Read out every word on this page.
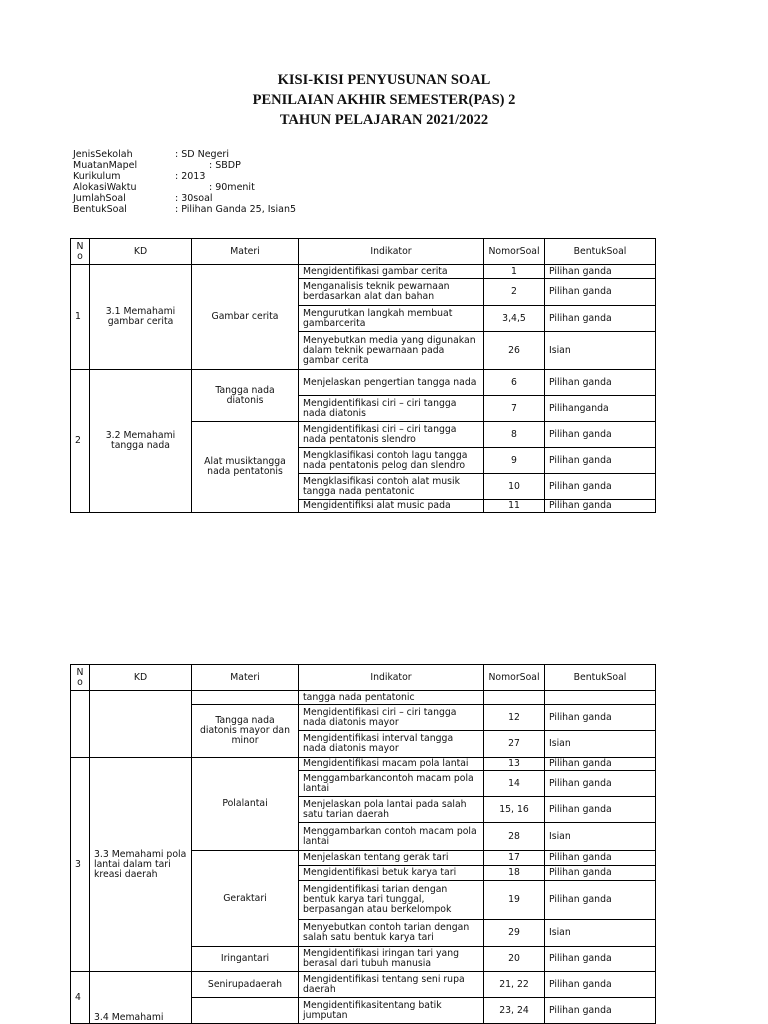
KISI-KISI PENYUSUNAN SOAL
PENILAIAN AKHIR SEMESTER(PAS) 2
TAHUN PELAJARAN 2021/2022
JenisSekolah	: SD Negeri
MuatanMapel	: SBDP
Kurikulum	: 2013
AlokasiWaktu	: 90menit
JumlahSoal	: 30soal
BentukSoal	: Pilihan Ganda 25, Isian5
N o	KD	Materi	Indikator	NomorSoal	BentukSoal
1	3.1 Memahami gambar cerita	Gambar cerita	Mengidentifikasi gambar cerita	1	Pilihan ganda
			Menganalisis teknik pewarnaan berdasarkan alat dan bahan	2	Pilihan ganda
			Mengurutkan langkah membuat gambarcerita	3,4,5	Pilihan ganda
			Menyebutkan media yang digunakan dalam teknik pewarnaan pada gambar cerita	26	Isian
2	3.2 Memahami tangga nada	Tangga nada diatonis	Menjelaskan pengertian tangga nada	6	Pilihan ganda
			Mengidentifikasi ciri – ciri tangga nada diatonis	7	Pilihanganda
		Alat musiktangga nada pentatonis	Mengidentifikasi ciri – ciri tangga nada pentatonis slendro	8	Pilihan ganda
			Mengklasifikasi contoh lagu tangga nada pentatonis pelog dan slendro	9	Pilihan ganda
			Mengklasifikasi contoh alat musik tangga nada pentatonic	10	Pilihan ganda
			Mengidentifiksi alat music pada	11	Pilihan ganda
N o	KD	Materi	Indikator	NomorSoal	BentukSoal
			tangga nada pentatonic		
		Tangga nada diatonis mayor dan minor	Mengidentifikasi ciri – ciri tangga nada diatonis mayor	12	Pilihan ganda
			Mengidentifikasi interval tangga nada diatonis mayor	27	Isian
3	3.3 Memahami pola lantai dalam tari kreasi daerah	Polalantai	Mengidentifikasi macam pola lantai	13	Pilihan ganda
			Menggambarkancontoh macam pola lantai	14	Pilihan ganda
			Menjelaskan pola lantai pada salah satu tarian daerah	15, 16	Pilihan ganda
			Menggambarkan contoh macam pola lantai	28	Isian
		Geraktari	Menjelaskan tentang gerak tari	17	Pilihan ganda
			Mengidentifikasi betuk karya tari	18	Pilihan ganda
			Mengidentifikasi tarian dengan bentuk karya tari tunggal, berpasangan atau berkelompok	19	Pilihan ganda
			Menyebutkan contoh tarian dengan salah satu bentuk karya tari	29	Isian
		Iringantari	Mengidentifikasi iringan tari yang berasal dari tubuh manusia	20	Pilihan ganda
4	3.4 Memahami	Senirupadaerah	Mengidentifikasi tentang seni rupa daerah	21, 22	Pilihan ganda
			Mengidentifikasitentang batik jumputan	23, 24	Pilihan ganda
